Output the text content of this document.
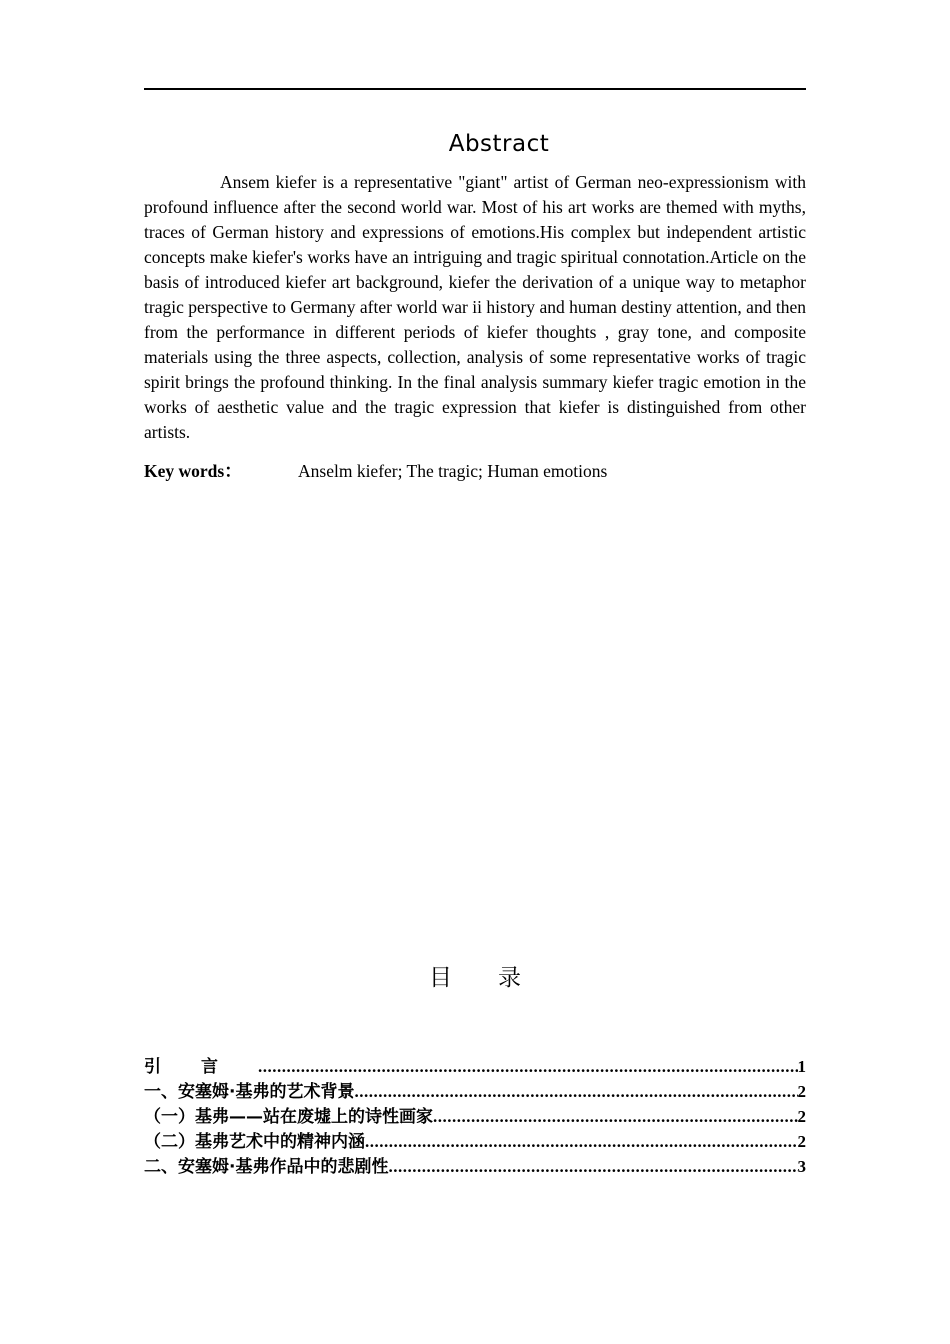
Abstract

Ansem kiefer is a representative "giant" artist of German neo-expressionism with profound influence after the second world war. Most of his art works are themed with myths, traces of German history and expressions of emotions.His complex but independent artistic concepts make kiefer's works have an intriguing and tragic spiritual connotation.Article on the basis of introduced kiefer art background, kiefer the derivation of a unique way to metaphor tragic perspective to Germany after world war ii history and human destiny attention, and then from the performance in different periods of kiefer thoughts , gray tone, and composite materials using the three aspects, collection, analysis of some representative works of tragic spirit brings the profound thinking. In the final analysis summary kiefer tragic emotion in the works of aesthetic value and the tragic expression that kiefer is distinguished from other artists.

Key words：	Anselm kiefer; The tragic; Human emotions
目录
引言 .....	1
一、安塞姆·基弗的艺术背景 .....	2
（一）基弗——站在废墟上的诗性画家 .....	2
（二）基弗艺术中的精神内涵 .....	2
二、安塞姆·基弗作品中的悲剧性 .....	3
